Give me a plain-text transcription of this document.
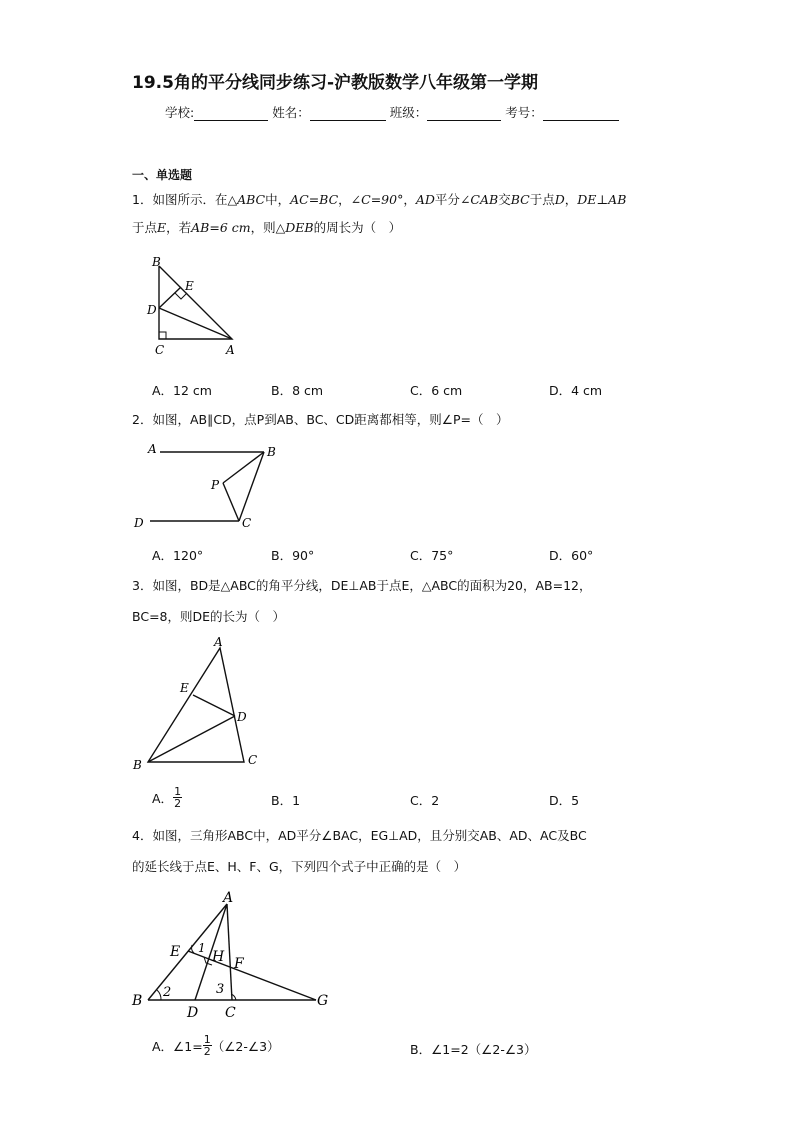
19.5角的平分线同步练习-沪教版数学八年级第一学期
学校:	姓名：	班级：	考号：
一、单选题
1．如图所示．在△ABC中，AC=BC，∠C=90°，AD平分∠CAB交BC于点D，DE⊥AB
于点E，若AB=6 cm，则△DEB的周长为（　）
B
E
D
C	A
A．12 cm	B．8 cm	C．6 cm	D．4 cm
2．如图，AB∥CD，点P到AB、BC、CD距离都相等，则∠P=（　）
A	B
P
D	C
A．120°	B．90°	C．75°	D．60°
3．如图，BD是△ABC的角平分线，DE⊥AB于点E，△ABC的面积为20，AB=12，
BC=8，则DE的长为（　）
A
E
D
B	C
A． $\frac{1}{2}$	B．1	C．2	D．5
4．如图，三角形ABC中，AD平分∠BAC，EG⊥AD，且分别交AB、AD、AC及BC
的延长线于点E、H、F、G，下列四个式子中正确的是（　）
A
E 1
H F
B
2	3
D C
G
A．∠1= $\frac{1}{2}$ （∠2-∠3）	B．∠1=2（∠2-∠3）
